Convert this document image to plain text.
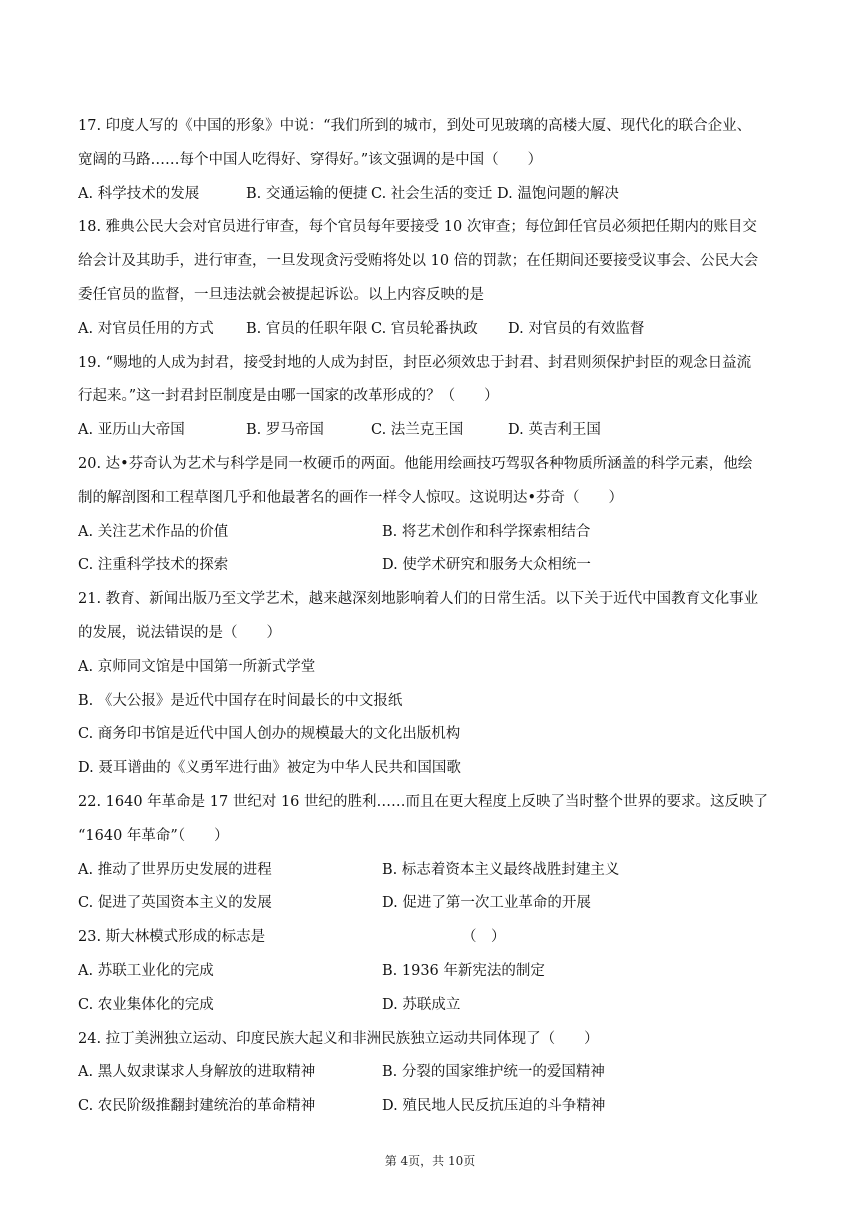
17. 印度人写的《中国的形象》中说：“我们所到的城市，到处可见玻璃的高楼大厦、现代化的联合企业、
宽阔的马路……每个中国人吃得好、穿得好。”该文强调的是中国（　　）
A. 科学技术的发展	B. 交通运输的便捷 C. 社会生活的变迁 D. 温饱问题的解决
18. 雅典公民大会对官员进行审查，每个官员每年要接受 10 次审查；每位卸任官员必须把任期内的账目交
给会计及其助手，进行审查，一旦发现贪污受贿将处以 10 倍的罚款；在任期间还要接受议事会、公民大会
委任官员的监督，一旦违法就会被提起诉讼。以上内容反映的是
A. 对官员任用的方式	B. 官员的任职年限 C. 官员轮番执政	D. 对官员的有效监督
19. “赐地的人成为封君，接受封地的人成为封臣，封臣必须效忠于封君、封君则须保护封臣的观念日益流
行起来。”这一封君封臣制度是由哪一国家的改革形成的？（　　）
A. 亚历山大帝国	B. 罗马帝国	C. 法兰克王国	D. 英吉利王国
20. 达•芬奇认为艺术与科学是同一枚硬币的两面。他能用绘画技巧驾驭各种物质所涵盖的科学元素，他绘
制的解剖图和工程草图几乎和他最著名的画作一样令人惊叹。这说明达•芬奇（　　）
A. 关注艺术作品的价值	B. 将艺术创作和科学探索相结合
C. 注重科学技术的探索	D. 使学术研究和服务大众相统一
21. 教育、新闻出版乃至文学艺术，越来越深刻地影响着人们的日常生活。以下关于近代中国教育文化事业
的发展，说法错误的是（　　）
A. 京师同文馆是中国第一所新式学堂
B. 《大公报》是近代中国存在时间最长的中文报纸
C. 商务印书馆是近代中国人创办的规模最大的文化出版机构
D. 聂耳谱曲的《义勇军进行曲》被定为中华人民共和国国歌
22. 1640 年革命是 17 世纪对 16 世纪的胜利……而且在更大程度上反映了当时整个世界的要求。这反映了
“1640 年革命”（　　）
A. 推动了世界历史发展的进程	B. 标志着资本主义最终战胜封建主义
C. 促进了英国资本主义的发展	D. 促进了第一次工业革命的开展
23. 斯大林模式形成的标志是	（　）
A. 苏联工业化的完成	B. 1936 年新宪法的制定
C. 农业集体化的完成	D. 苏联成立
24. 拉丁美洲独立运动、印度民族大起义和非洲民族独立运动共同体现了（　　）
A. 黑人奴隶谋求人身解放的进取精神	B. 分裂的国家维护统一的爱国精神
C. 农民阶级推翻封建统治的革命精神	D. 殖民地人民反抗压迫的斗争精神
第 4页，共 10页
